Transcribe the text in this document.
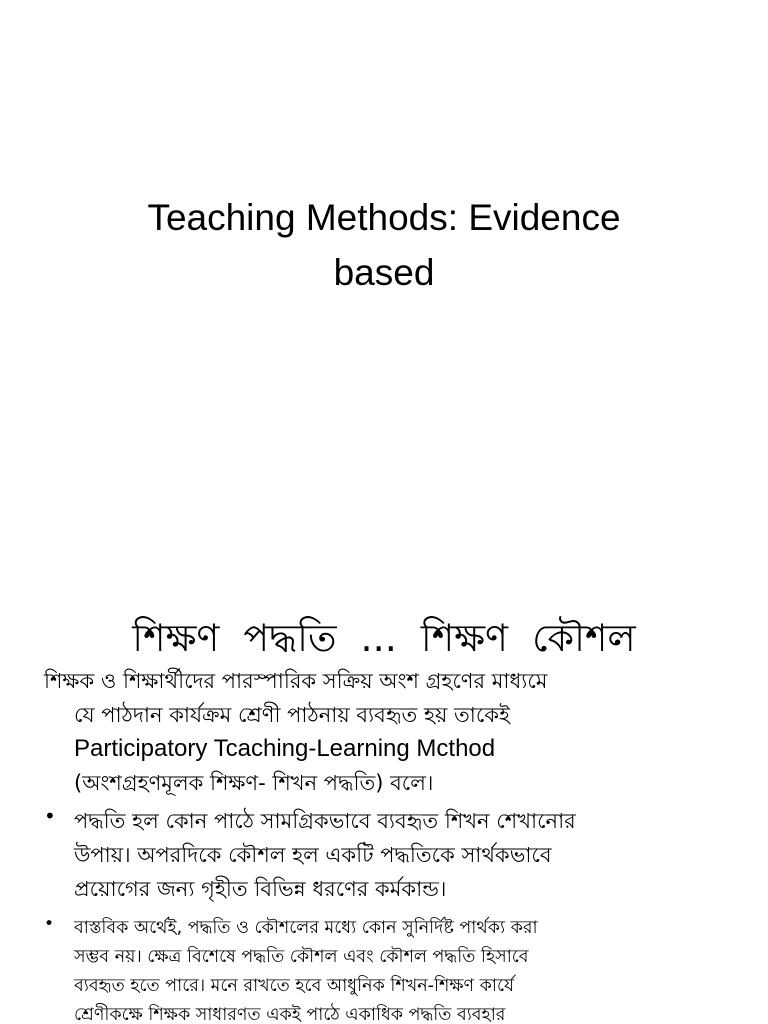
Teaching Methods: Evidence
based
শিক্ষণ পদ্ধতি ... শিক্ষণ কৌশল
শিক্ষক ও শিক্ষার্থীদের পারস্পারিক সক্রিয় অংশ গ্রহণের মাধ্যমে
যে পাঠদান কার্যক্রম শ্রেণী পাঠনায় ব্যবহৃত হয় তাকেই
Participatory Tcaching-Learning Mcthod
(অংশগ্রহণমূলক শিক্ষণ- শিখন পদ্ধতি) বলে।
• পদ্ধতি হল কোন পাঠে সামগ্রিকভাবে ব্যবহৃত শিখন শেখানোর
উপায়। অপরদিকে কৌশল হল একটি পদ্ধতিকে সার্থকভাবে
প্রয়োগের জন্য গৃহীত বিভিন্ন ধরণের কর্মকান্ড।
• বাস্তবিক অর্থেই, পদ্ধতি ও কৌশলের মধ্যে কোন সুনির্দিষ্ট পার্থক্য করা
সম্ভব নয়। ক্ষেত্র বিশেষে পদ্ধতি কৌশল এবং কৌশল পদ্ধতি হিসাবে
ব্যবহৃত হতে পারে। মনে রাখতে হবে আধুনিক শিখন-শিক্ষণ কার্যে
শ্রেণীকক্ষে শিক্ষক সাধারণত একই পাঠে একাধিক পদ্ধতি ব্যবহার
